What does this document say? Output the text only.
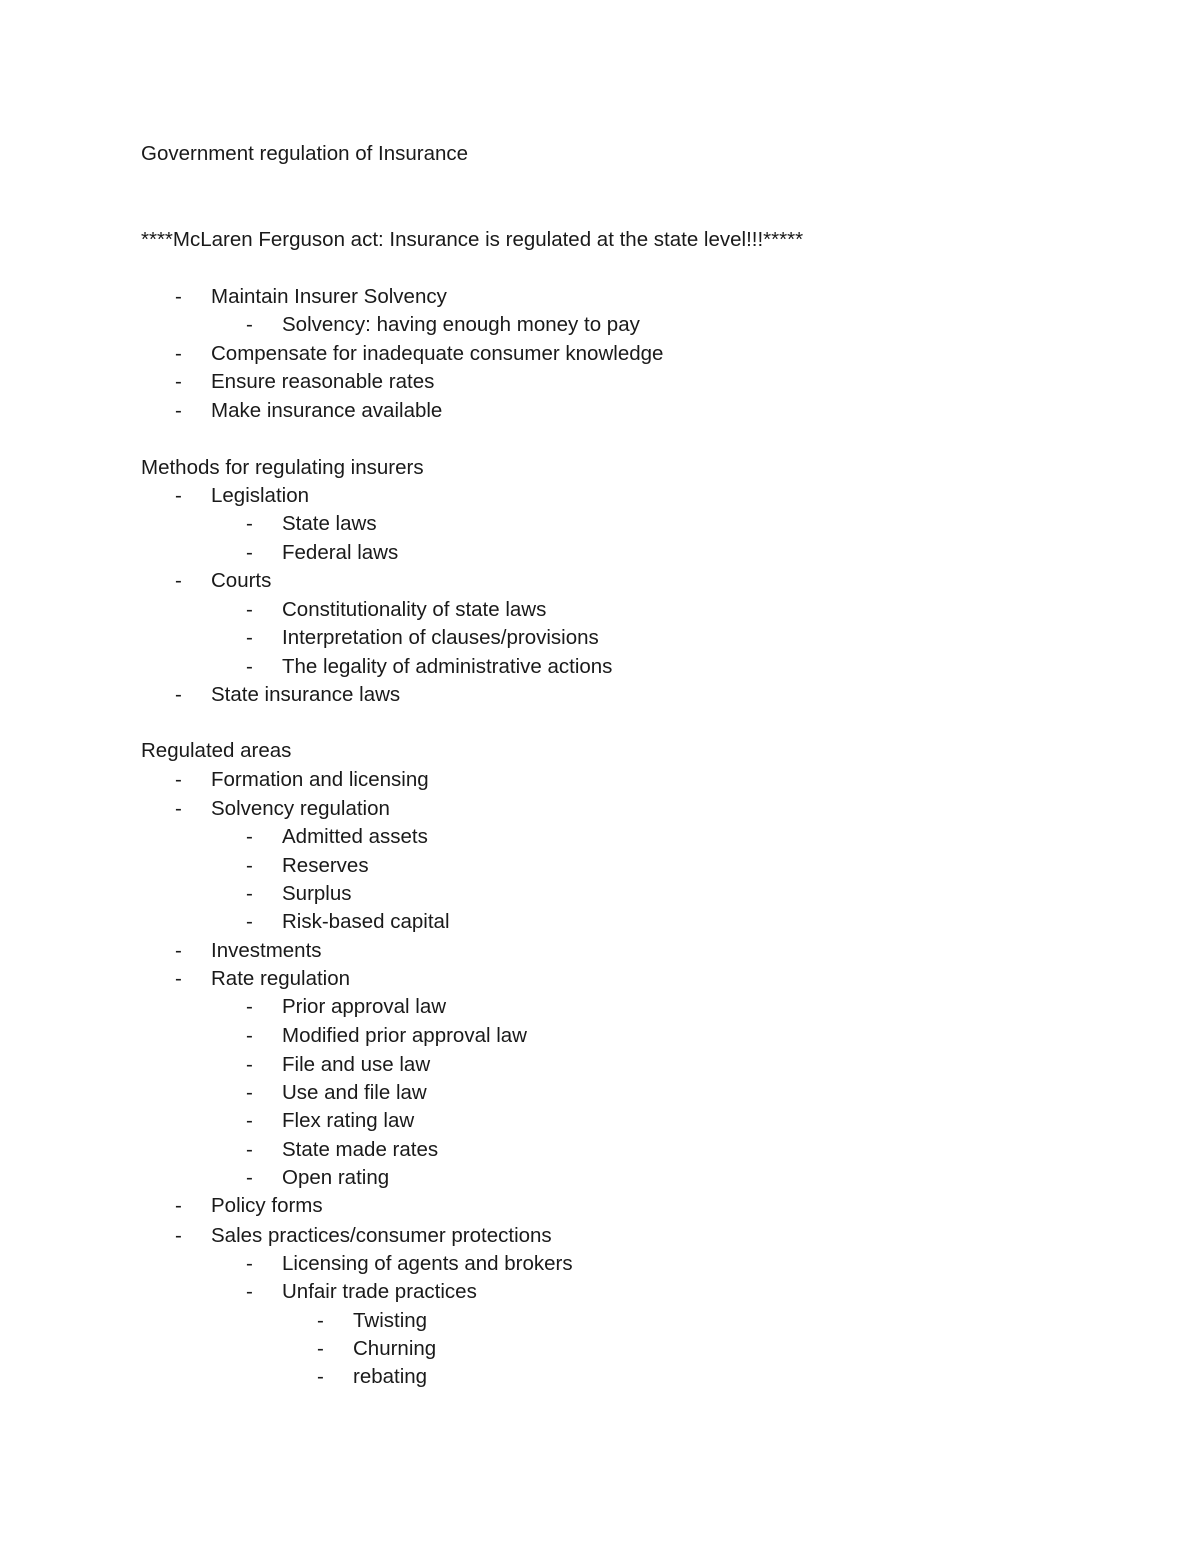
Government regulation of Insurance
****McLaren Ferguson act: Insurance is regulated at the state level!!!*****
- Maintain Insurer Solvency
- Solvency: having enough money to pay
- Compensate for inadequate consumer knowledge
- Ensure reasonable rates
- Make insurance available
Methods for regulating insurers
- Legislation
- State laws
- Federal laws
- Courts
- Constitutionality of state laws
- Interpretation of clauses/provisions
- The legality of administrative actions
- State insurance laws
Regulated areas
- Formation and licensing
- Solvency regulation
- Admitted assets
- Reserves
- Surplus
- Risk-based capital
- Investments
- Rate regulation
- Prior approval law
- Modified prior approval law
- File and use law
- Use and file law
- Flex rating law
- State made rates
- Open rating
- Policy forms
- Sales practices/consumer protections
- Licensing of agents and brokers
- Unfair trade practices
- Twisting
- Churning
- rebating
